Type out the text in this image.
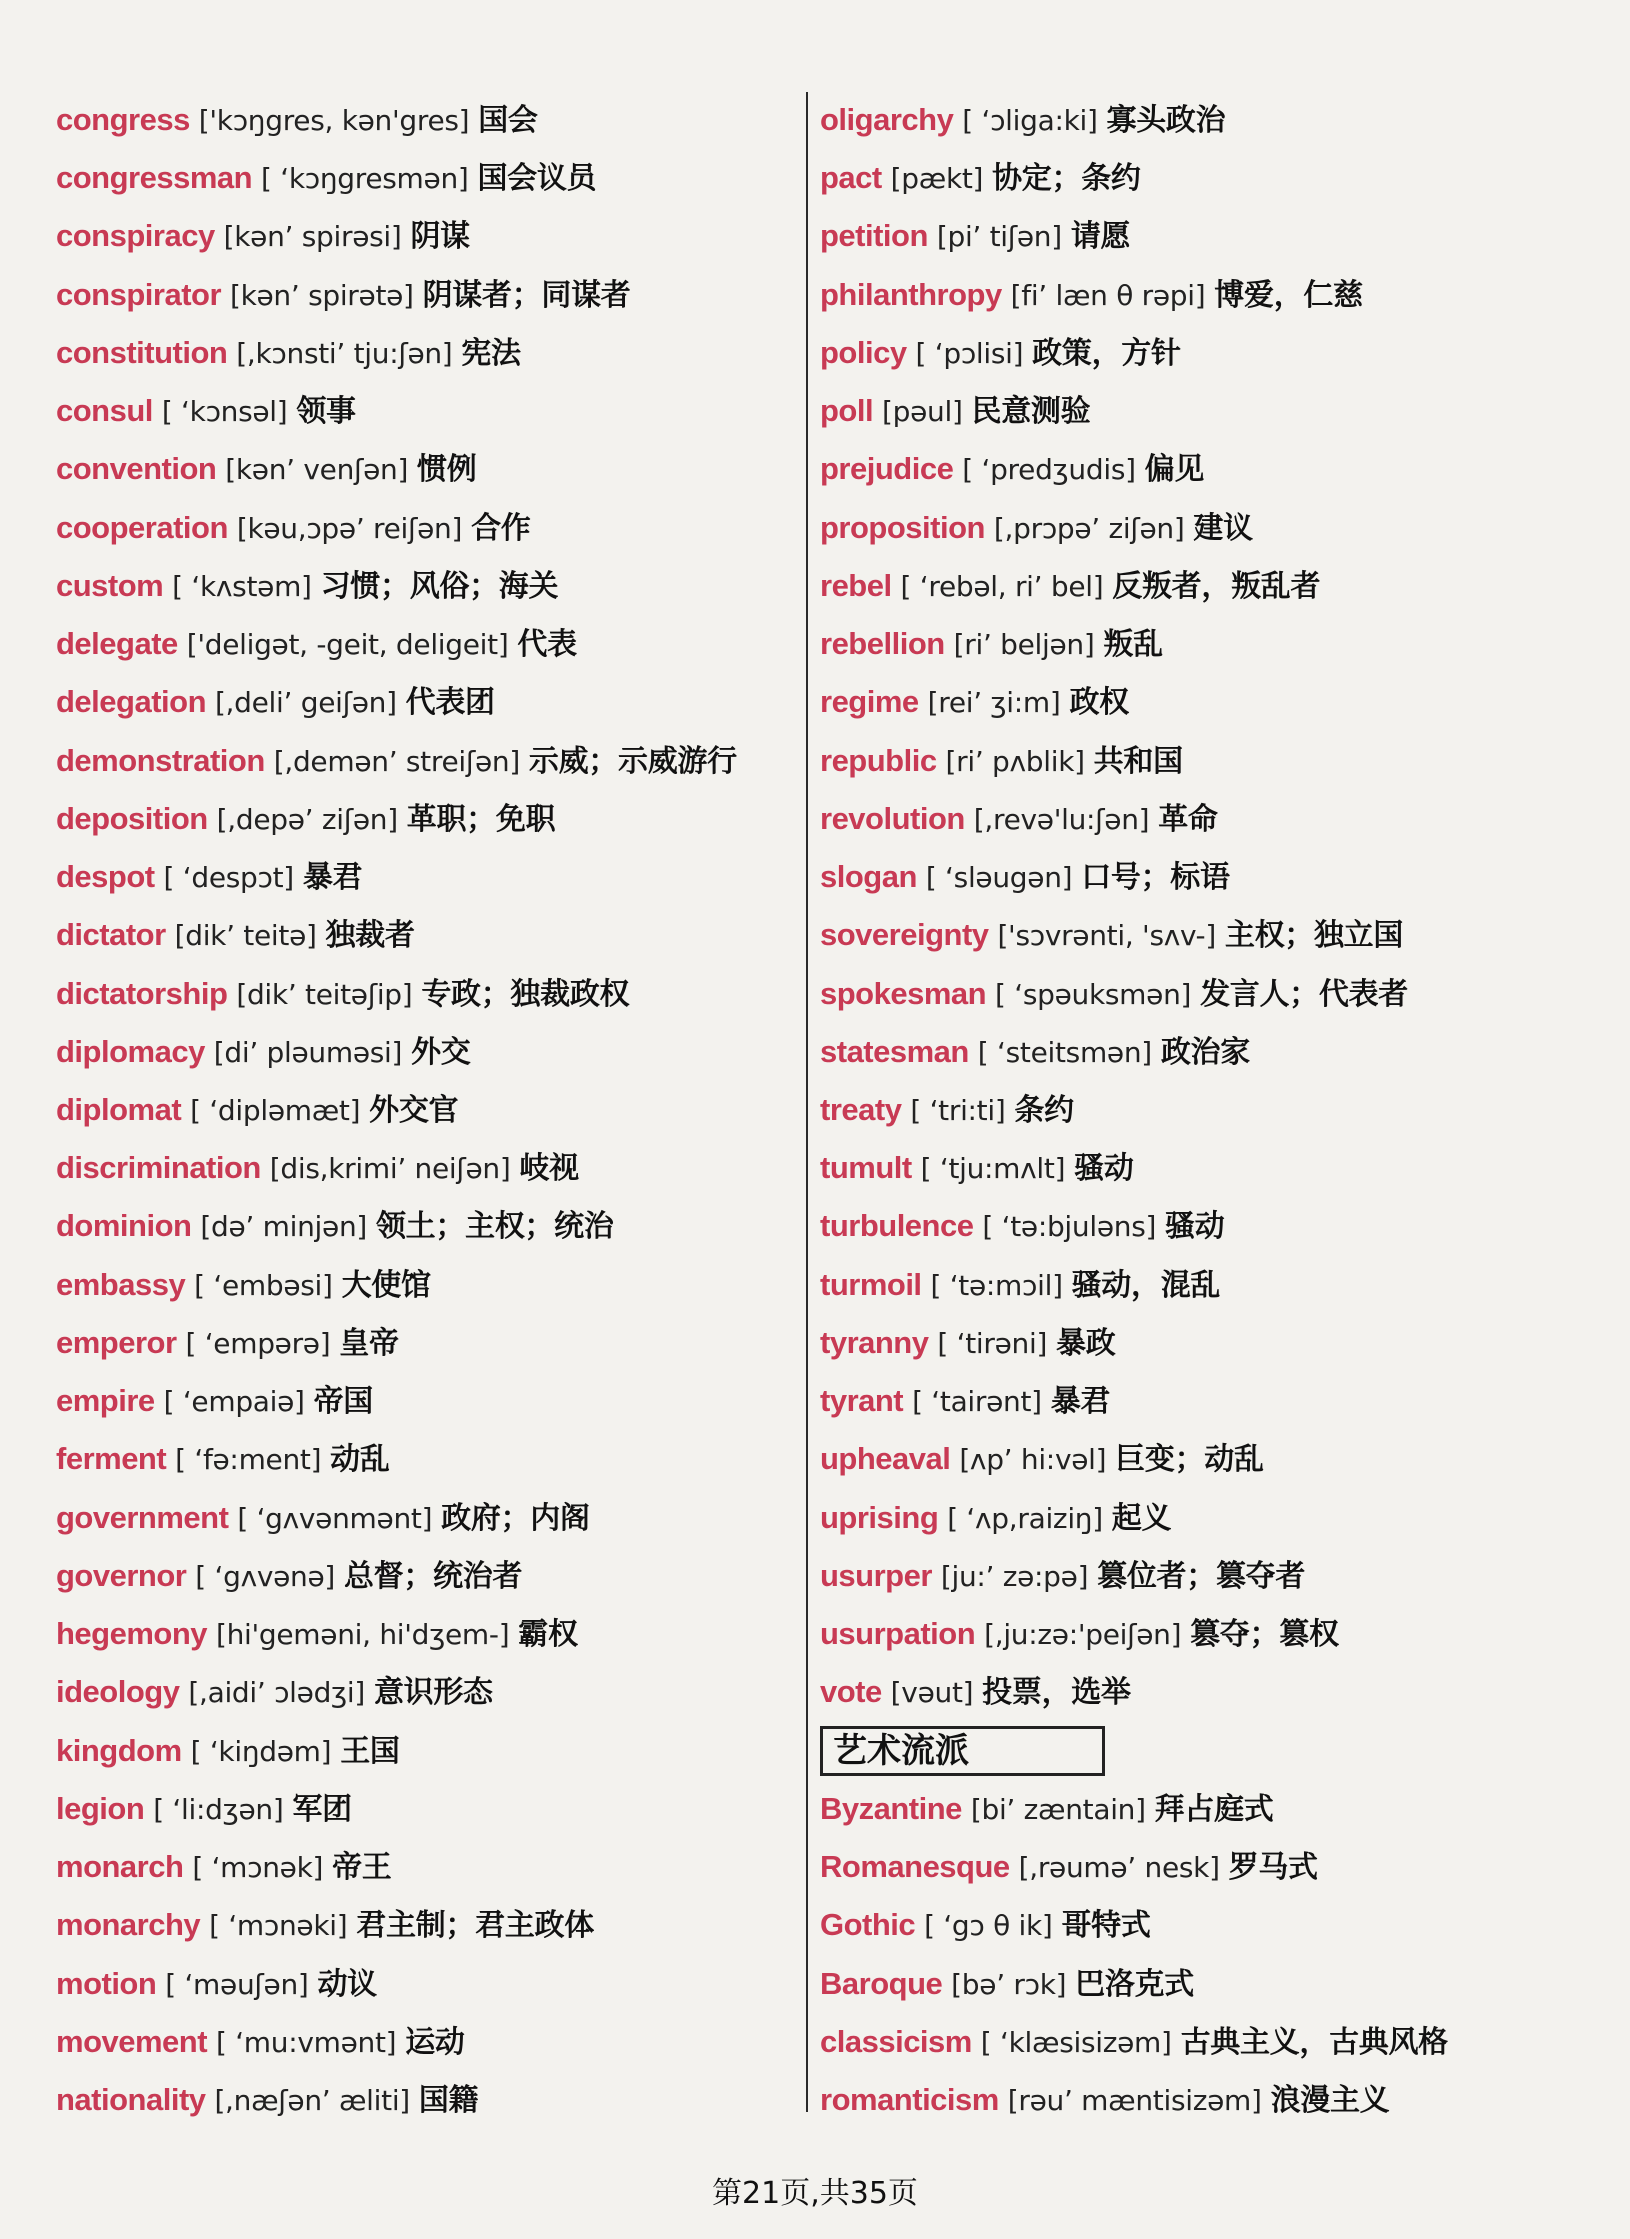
congress ['kɔŋgres, kən'gres] 国会
congressman [ ‘kɔŋgresmən] 国会议员
conspiracy [kən’ spirəsi] 阴谋
conspirator [kən’ spirətə] 阴谋者；同谋者
constitution [,kɔnsti’ tju:ʃən] 宪法
consul [ ‘kɔnsəl] 领事
convention [kən’ venʃən] 惯例
cooperation [kəu,ɔpə’ reiʃən] 合作
custom [ ‘kʌstəm] 习惯；风俗；海关
delegate ['deligət, -geit, deligeit] 代表
delegation [,deli’ geiʃən] 代表团
demonstration [,demən’ streiʃən] 示威；示威游行
deposition [,depə’ ziʃən] 革职；免职
despot [ ‘despɔt] 暴君
dictator [dik’ teitə] 独裁者
dictatorship [dik’ teitəʃip] 专政；独裁政权
diplomacy [di’ pləuməsi] 外交
diplomat [ ‘dipləmæt] 外交官
discrimination [dis,krimi’ neiʃən] 岐视
dominion [də’ minjən] 领土；主权；统治
embassy [ ‘embəsi] 大使馆
emperor [ ‘empərə] 皇帝
empire [ ‘empaiə] 帝国
ferment [ ‘fə:ment] 动乱
government [ ‘gʌvənmənt] 政府；内阁
governor [ ‘gʌvənə] 总督；统治者
hegemony [hi'geməni, hi'dʒem-] 霸权
ideology [,aidi’ ɔlədʒi] 意识形态
kingdom [ ‘kiŋdəm] 王国
legion [ ‘li:dʒən] 军团
monarch [ ‘mɔnək] 帝王
monarchy [ ‘mɔnəki] 君主制；君主政体
motion [ ‘məuʃən] 动议
movement [ ‘mu:vmənt] 运动
nationality [,næʃən’ æliti] 国籍
oligarchy [ ‘ɔliga:ki] 寡头政治
pact [pækt] 协定；条约
petition [pi’ tiʃən] 请愿
philanthropy [fi’ læn θ rəpi] 博爱，仁慈
policy [ ‘pɔlisi] 政策，方针
poll [pəul] 民意测验
prejudice [ ‘predʒudis] 偏见
proposition [,prɔpə’ ziʃən] 建议
rebel [ ‘rebəl, ri’ bel] 反叛者，叛乱者
rebellion [ri’ beljən] 叛乱
regime [rei’ ʒi:m] 政权
republic [ri’ pʌblik] 共和国
revolution [,revə'lu:ʃən] 革命
slogan [ ‘sləugən] 口号；标语
sovereignty ['sɔvrənti, 'sʌv-] 主权；独立国
spokesman [ ‘spəuksmən] 发言人；代表者
statesman [ ‘steitsmən] 政治家
treaty [ ‘tri:ti] 条约
tumult [ ‘tju:mʌlt] 骚动
turbulence [ ‘tə:bjuləns] 骚动
turmoil [ ‘tə:mɔil] 骚动，混乱
tyranny [ ‘tirəni] 暴政
tyrant [ ‘tairənt] 暴君
upheaval [ʌp’ hi:vəl] 巨变；动乱
uprising [ ‘ʌp,raiziŋ] 起义
usurper [ju:’ zə:pə] 篡位者；篡夺者
usurpation [,ju:zə:'peiʃən] 篡夺；篡权
vote [vəut] 投票，选举
艺术流派
Byzantine [bi’ zæntain] 拜占庭式
Romanesque [,rəumə’ nesk] 罗马式
Gothic [ ‘gɔ θ ik] 哥特式
Baroque [bə’ rɔk] 巴洛克式
classicism [ ‘klæsisizəm] 古典主义，古典风格
romanticism [rəu’ mæntisizəm] 浪漫主义
第21页,共35页
